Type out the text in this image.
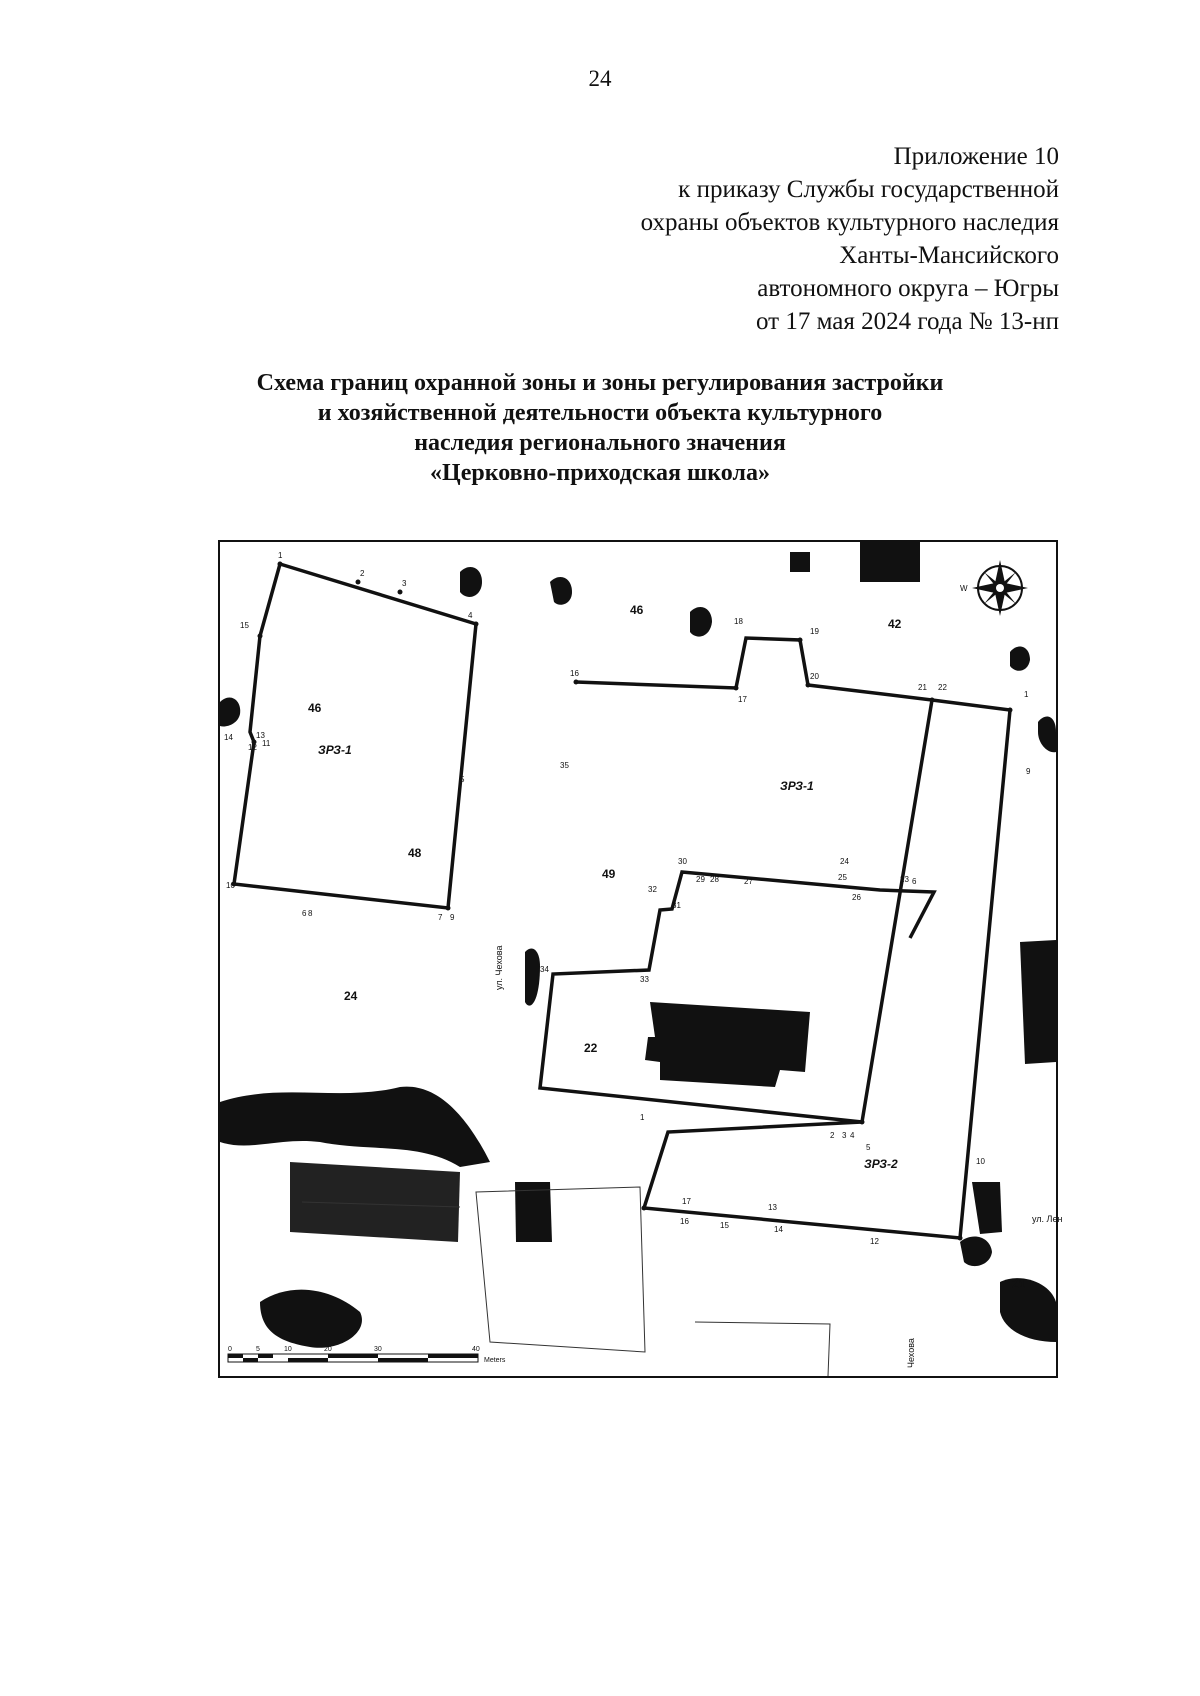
24
Приложение 10
к приказу Службы государственной
охраны объектов культурного наследия
Ханты-Мансийского
автономного округа – Югры
от 17 мая 2024 года № 13-нп
Схема границ охранной зоны и зоны регулирования застройки
и хозяйственной деятельности объекта культурного
наследия регионального значения
«Церковно-приходская школа»
1
2
3
4
5
6	7
8	9
10
11
12
13
14
15
16
17
18
19
20
21 22
1
9
23
24
25
26
27
28
29
30
31
32
33
34
35
6
1
2 3 4
5
10
11
12
13
14
15
16
17
ЗРЗ-1
ЗРЗ-1
ЗРЗ-2
46
48
46
42
49
24
22
23
21
ул. Чехова
ул. Лен
Чехова
W
0	5	10	20	30	40
Meters
